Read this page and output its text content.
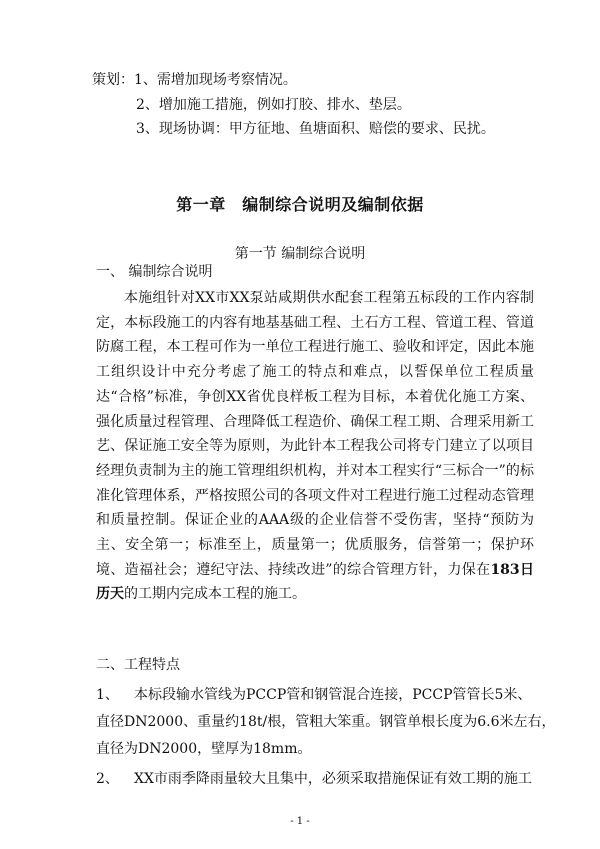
策划：1、需增加现场考察情况。
2、增加施工措施，例如打胶、排水、垫层。
3、现场协调：甲方征地、鱼塘面积、赔偿的要求、民扰。
第一章　编制综合说明及编制依据
第一节 编制综合说明
一、 编制综合说明

本施组针对XX市XX泵站咸期供水配套工程第五标段的工作内容制定，本标段施工的内容有地基基础工程、土石方工程、管道工程、管道防腐工程，本工程可作为一单位工程进行施工、验收和评定，因此本施工组织设计中充分考虑了施工的特点和难点，以誓保单位工程质量达“合格”标准，争创XX省优良样板工程为目标，本着优化施工方案、强化质量过程管理、合理降低工程造价、确保工程工期、合理采用新工艺、保证施工安全等为原则，为此针本工程我公司将专门建立了以项目经理负责制为主的施工管理组织机构，并对本工程实行“三标合一”的标准化管理体系，严格按照公司的各项文件对工程进行施工过程动态管理和质量控制。保证企业的AAA级的企业信誉不受伤害，坚持“预防为主、安全第一；标准至上，质量第一；优质服务，信誉第一；保护环境、造福社会；遵纪守法、持续改进”的综合管理方针，力保在183日历天的工期内完成本工程的施工。

二、工程特点
1、 本标段输水管线为PCCP管和钢管混合连接，PCCP管管长5米、
直径DN2000、重量约18t/根，管粗大笨重。钢管单根长度为6.6米左右，
直径为DN2000，壁厚为18mm。
2、 XX市雨季降雨量较大且集中，必须采取措施保证有效工期的施工
- 1 -
